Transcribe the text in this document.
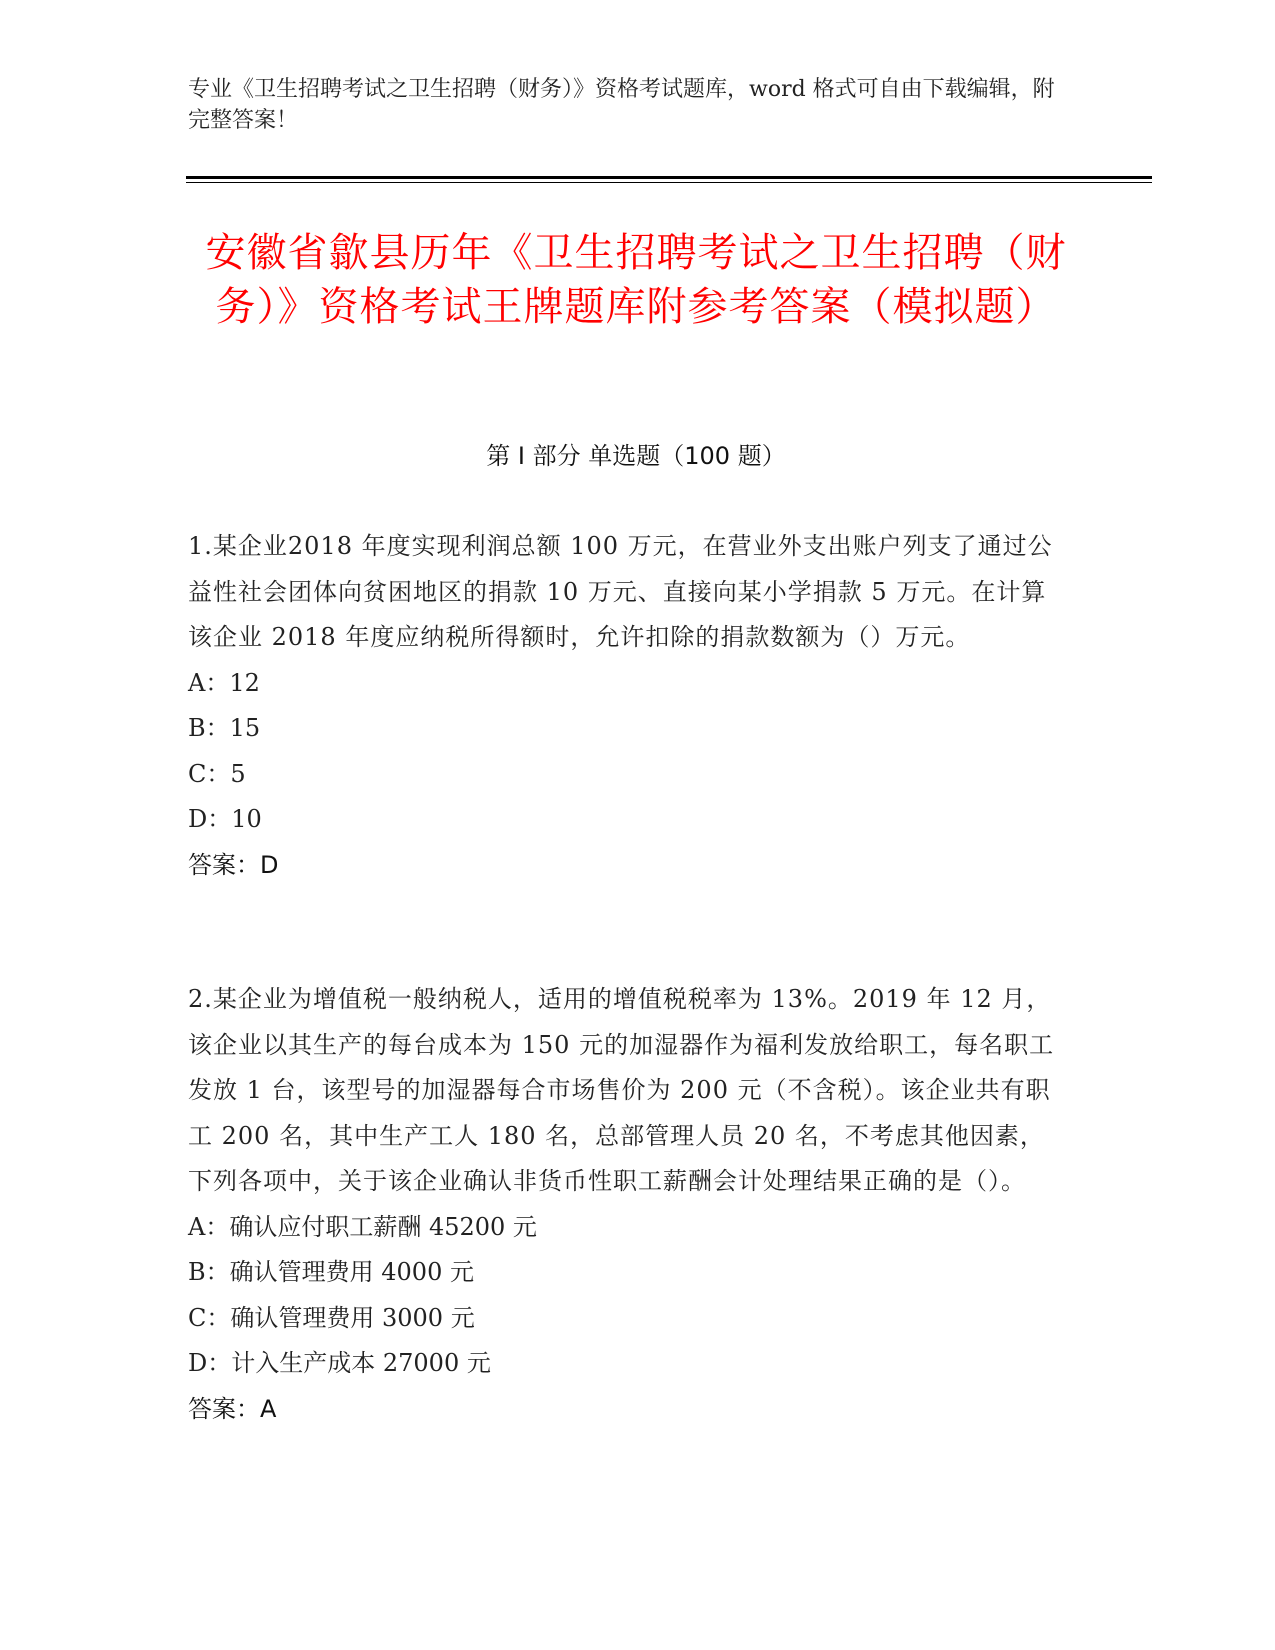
专业《卫生招聘考试之卫生招聘（财务）》资格考试题库，word 格式可自由下载编辑，附完整答案！
安徽省歙县历年《卫生招聘考试之卫生招聘（财务）》资格考试王牌题库附参考答案（模拟题）
第 I 部分 单选题（100 题）
1.某企业2018 年度实现利润总额 100 万元，在营业外支出账户列支了通过公益性社会团体向贫困地区的捐款 10 万元、直接向某小学捐款 5 万元。在计算该企业 2018 年度应纳税所得额时，允许扣除的捐款数额为（）万元。
A：12
B：15
C：5
D：10
答案：D
2.某企业为增值税一般纳税人，适用的增值税税率为 13%。2019 年 12 月，该企业以其生产的每台成本为 150 元的加湿器作为福利发放给职工，每名职工发放 1 台，该型号的加湿器每合市场售价为 200 元（不含税）。该企业共有职工 200 名，其中生产工人 180 名，总部管理人员 20 名，不考虑其他因素，下列各项中，关于该企业确认非货币性职工薪酬会计处理结果正确的是（）。
A：确认应付职工薪酬 45200 元
B：确认管理费用 4000 元
C：确认管理费用 3000 元
D：计入生产成本 27000 元
答案：A
